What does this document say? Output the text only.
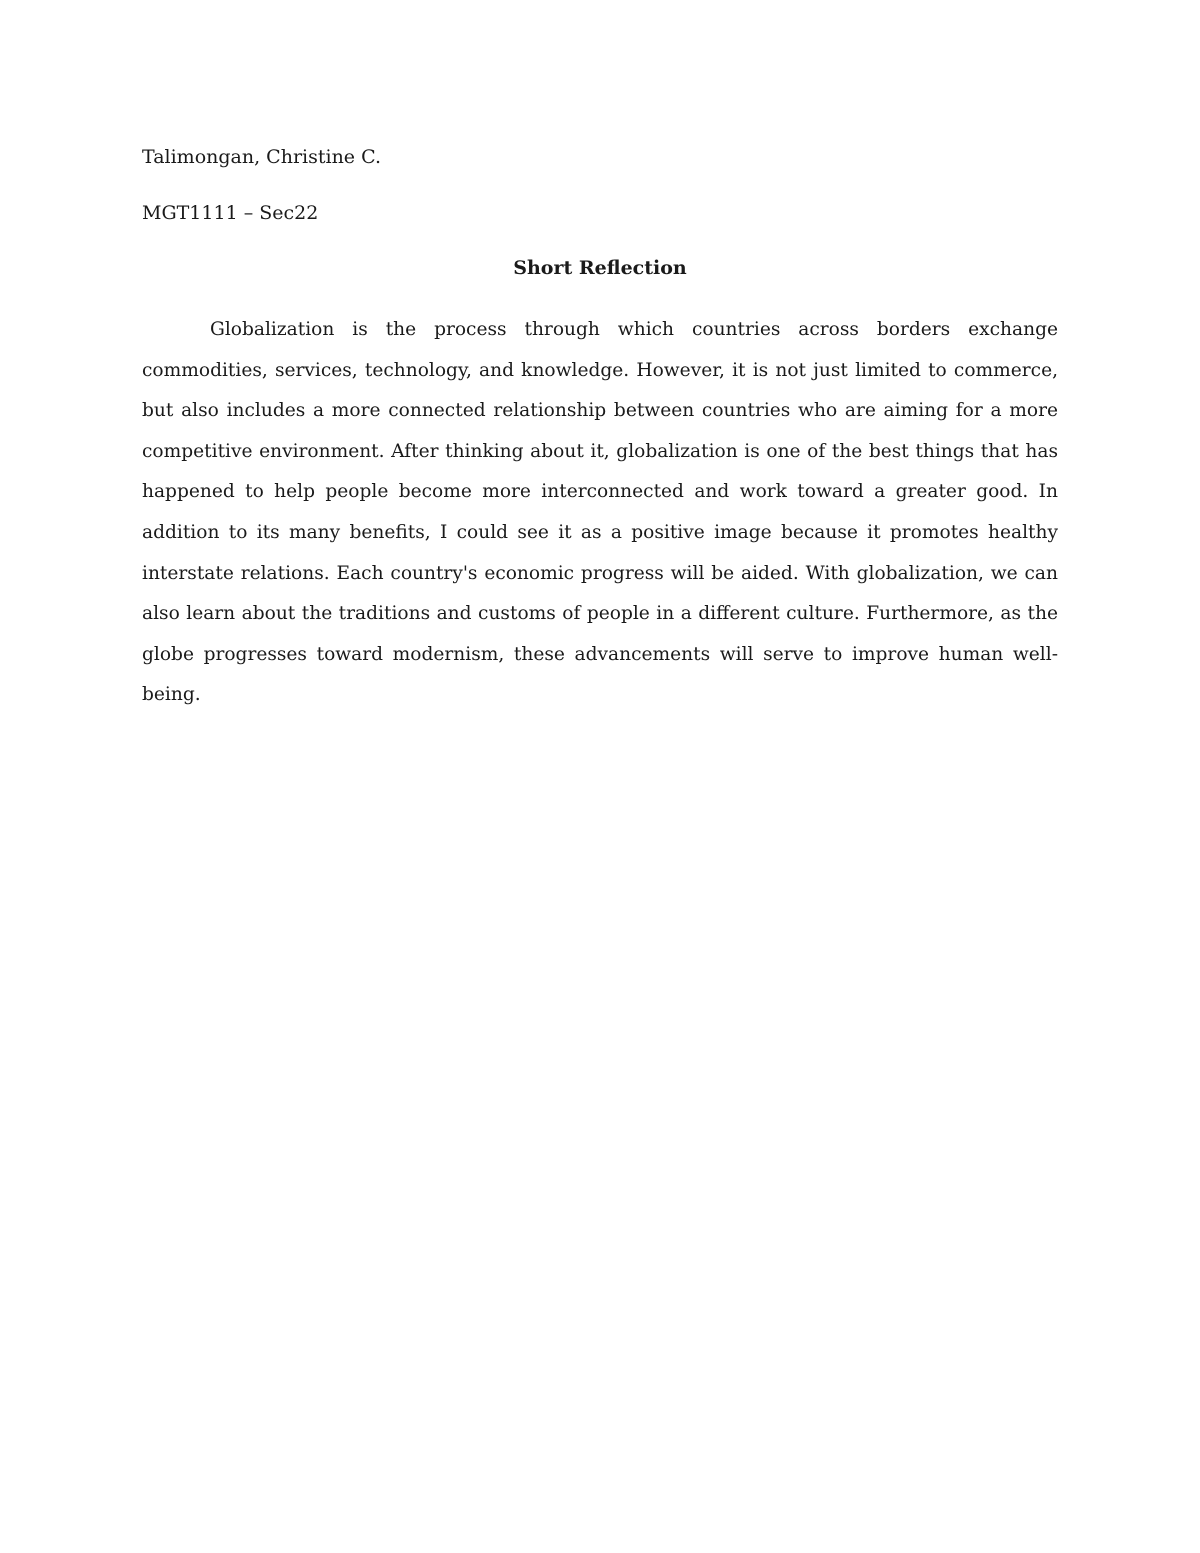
Talimongan, Christine C.
MGT1111 – Sec22
Short Reflection

Globalization is the process through which countries across borders exchange commodities, services, technology, and knowledge. However, it is not just limited to commerce, but also includes a more connected relationship between countries who are aiming for a more competitive environment. After thinking about it, globalization is one of the best things that has happened to help people become more interconnected and work toward a greater good. In addition to its many benefits, I could see it as a positive image because it promotes healthy interstate relations. Each country's economic progress will be aided. With globalization, we can also learn about the traditions and customs of people in a different culture. Furthermore, as the globe progresses toward modernism, these advancements will serve to improve human well-being.
